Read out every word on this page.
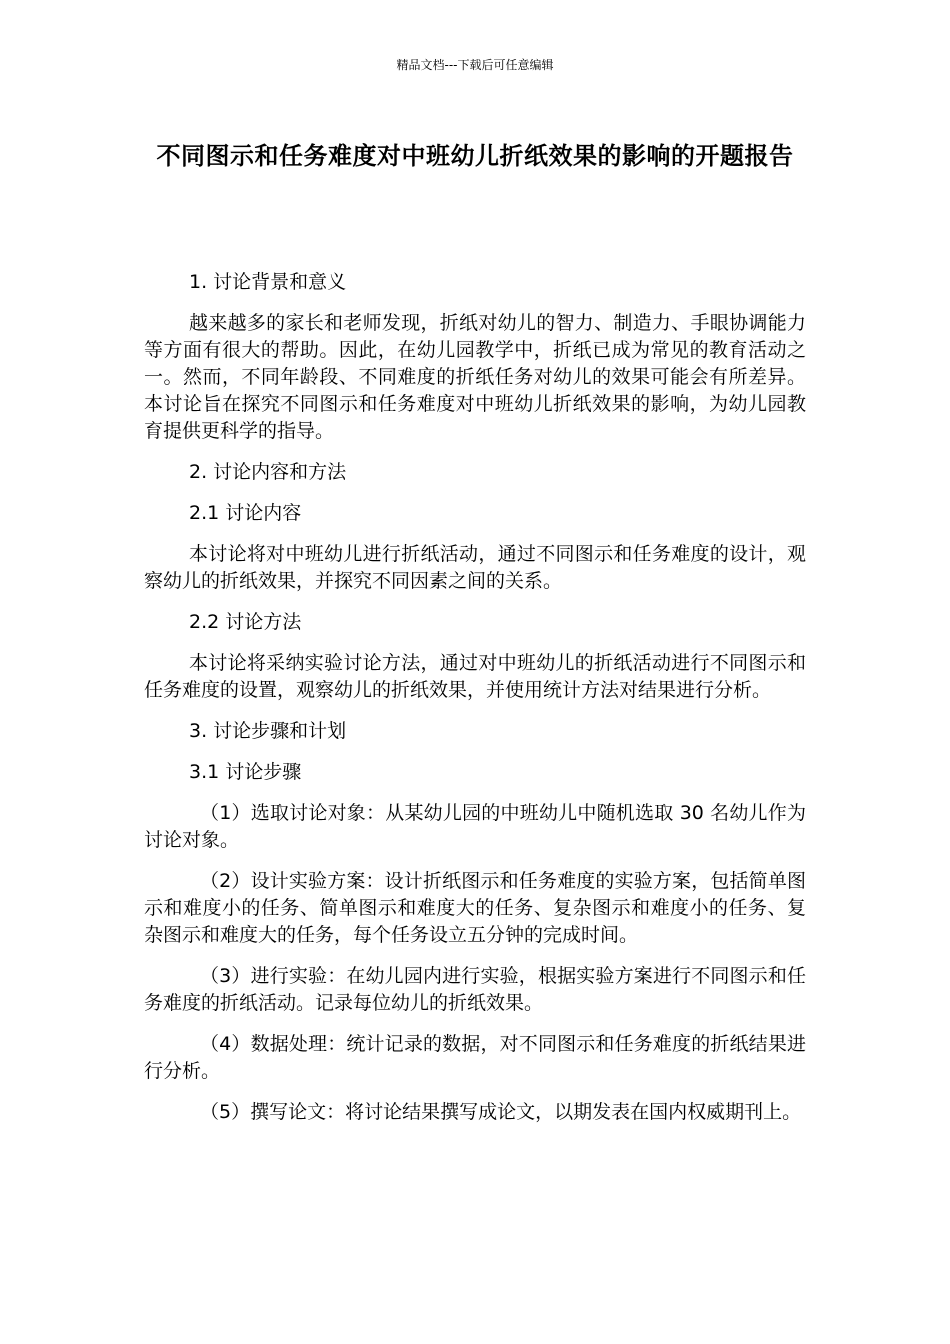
精品文档---下载后可任意编辑
不同图示和任务难度对中班幼儿折纸效果的影响的开题报告
1. 讨论背景和意义
越来越多的家长和老师发现，折纸对幼儿的智力、制造力、手眼协调能力等方面有很大的帮助。因此，在幼儿园教学中，折纸已成为常见的教育活动之一。然而，不同年龄段、不同难度的折纸任务对幼儿的效果可能会有所差异。本讨论旨在探究不同图示和任务难度对中班幼儿折纸效果的影响，为幼儿园教育提供更科学的指导。
2. 讨论内容和方法
2.1 讨论内容
本讨论将对中班幼儿进行折纸活动，通过不同图示和任务难度的设计，观察幼儿的折纸效果，并探究不同因素之间的关系。
2.2 讨论方法
本讨论将采纳实验讨论方法，通过对中班幼儿的折纸活动进行不同图示和任务难度的设置，观察幼儿的折纸效果，并使用统计方法对结果进行分析。
3. 讨论步骤和计划
3.1 讨论步骤
（1）选取讨论对象：从某幼儿园的中班幼儿中随机选取 30 名幼儿作为讨论对象。
（2）设计实验方案：设计折纸图示和任务难度的实验方案，包括简单图示和难度小的任务、简单图示和难度大的任务、复杂图示和难度小的任务、复杂图示和难度大的任务，每个任务设立五分钟的完成时间。
（3）进行实验：在幼儿园内进行实验，根据实验方案进行不同图示和任务难度的折纸活动。记录每位幼儿的折纸效果。
（4）数据处理：统计记录的数据，对不同图示和任务难度的折纸结果进行分析。
（5）撰写论文：将讨论结果撰写成论文，以期发表在国内权威期刊上。
